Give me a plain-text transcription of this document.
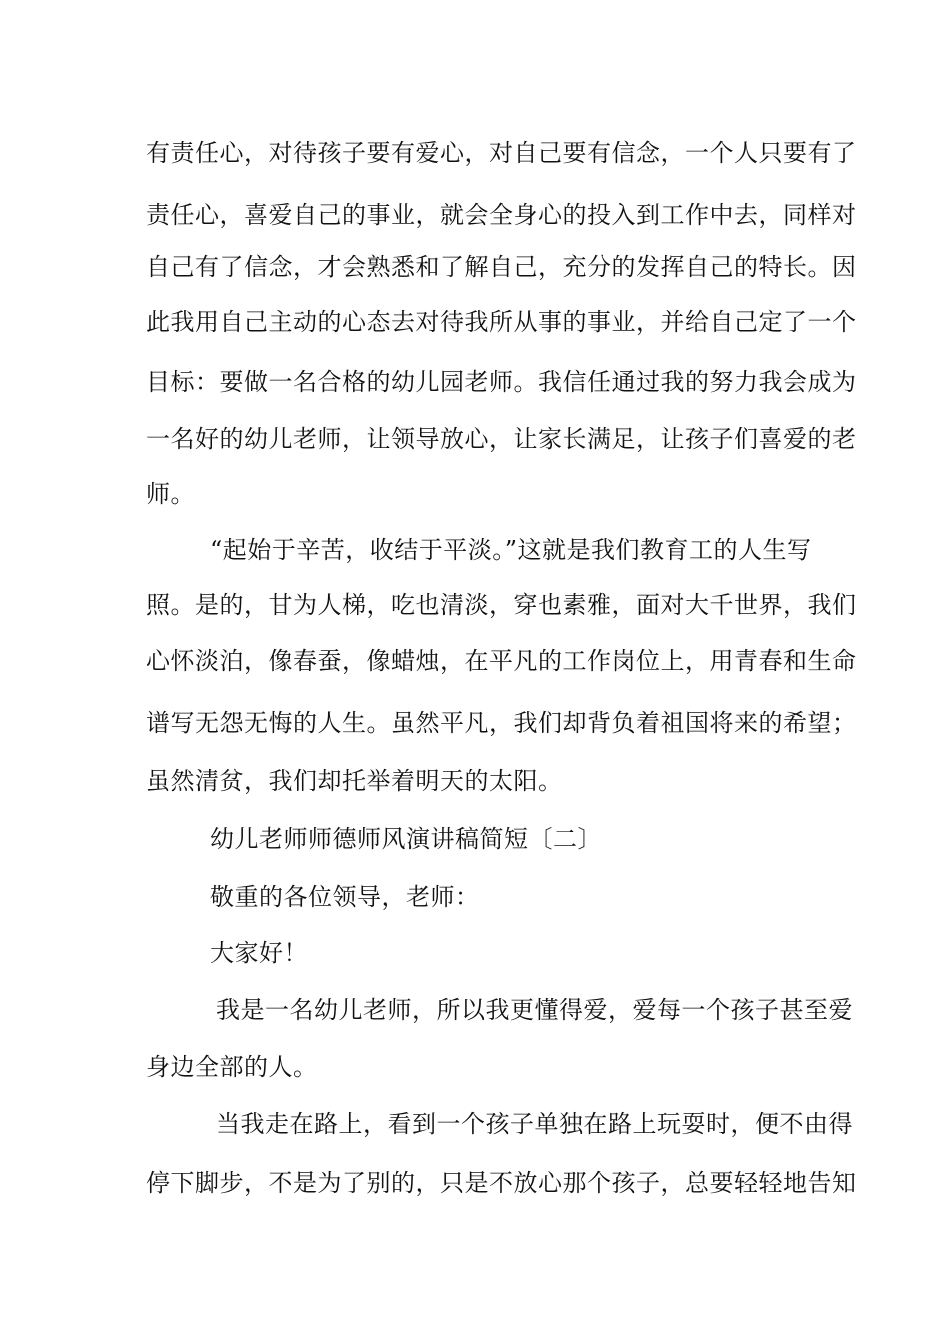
有责任心，对待孩子要有爱心，对自己要有信念，一个人只要有了
责任心，喜爱自己的事业，就会全身心的投入到工作中去，同样对
自己有了信念，才会熟悉和了解自己，充分的发挥自己的特长。因
此我用自己主动的心态去对待我所从事的事业，并给自己定了一个
目标：要做一名合格的幼儿园老师。我信任通过我的努力我会成为
一名好的幼儿老师，让领导放心，让家长满足，让孩子们喜爱的老
师。
“起始于辛苦，收结于平淡。”这就是我们教育工的人生写
照。是的，甘为人梯，吃也清淡，穿也素雅，面对大千世界，我们
心怀淡泊，像春蚕，像蜡烛，在平凡的工作岗位上，用青春和生命
谱写无怨无悔的人生。虽然平凡，我们却背负着祖国将来的希望；
虽然清贫，我们却托举着明天的太阳。
幼儿老师师德师风演讲稿简短〔二〕
敬重的各位领导，老师：
大家好！
我是一名幼儿老师，所以我更懂得爱，爱每一个孩子甚至爱
身边全部的人。
当我走在路上，看到一个孩子单独在路上玩耍时，便不由得
停下脚步，不是为了别的，只是不放心那个孩子，总要轻轻地告知
